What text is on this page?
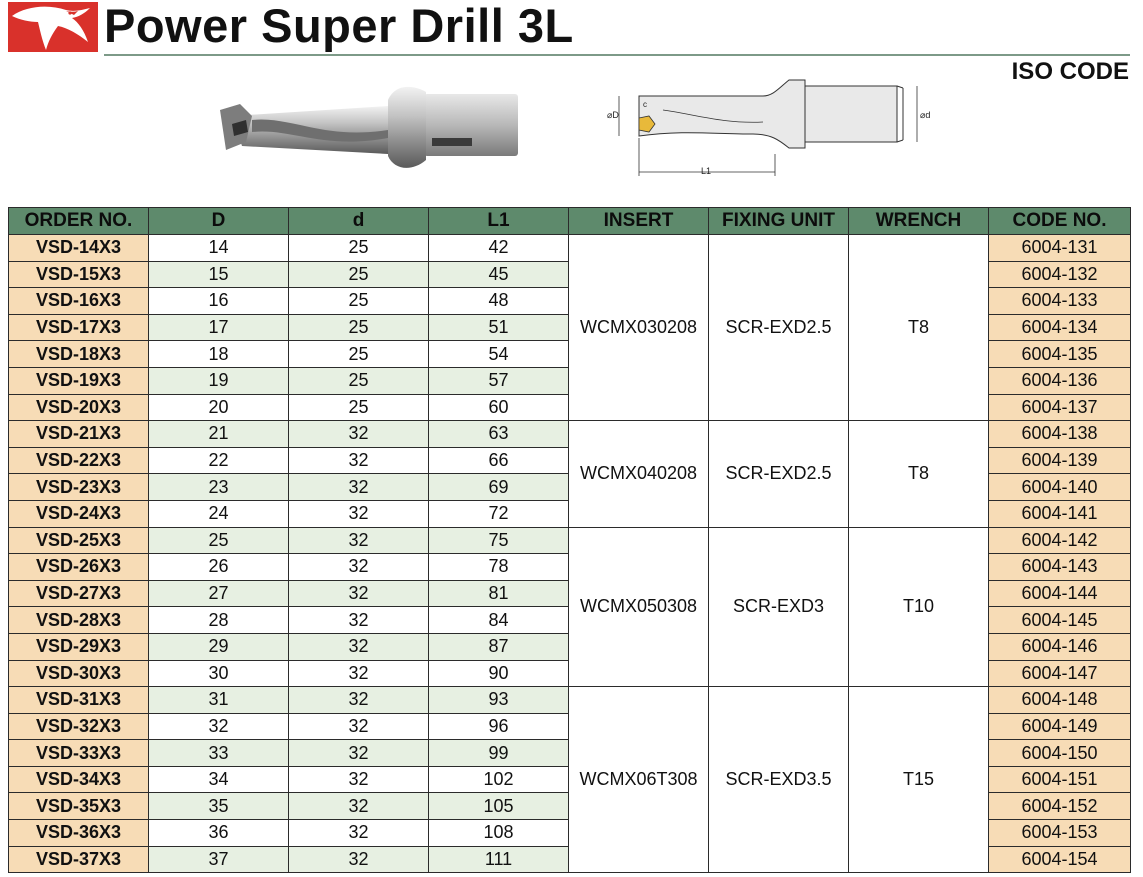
Power Super Drill 3L
ISO CODE
⌀D	⌀d
L1
c
ORDER NO.	D	d	L1	INSERT	FIXING UNIT	WRENCH	CODE NO.
VSD-14X3	14	25	42	WCMX030208	SCR-EXD2.5	T8	6004-131
VSD-15X3	15	25	45				6004-132
VSD-16X3	16	25	48				6004-133
VSD-17X3	17	25	51				6004-134
VSD-18X3	18	25	54				6004-135
VSD-19X3	19	25	57				6004-136
VSD-20X3	20	25	60				6004-137
VSD-21X3	21	32	63	WCMX040208	SCR-EXD2.5	T8	6004-138
VSD-22X3	22	32	66				6004-139
VSD-23X3	23	32	69				6004-140
VSD-24X3	24	32	72				6004-141
VSD-25X3	25	32	75	WCMX050308	SCR-EXD3	T10	6004-142
VSD-26X3	26	32	78				6004-143
VSD-27X3	27	32	81				6004-144
VSD-28X3	28	32	84				6004-145
VSD-29X3	29	32	87				6004-146
VSD-30X3	30	32	90				6004-147
VSD-31X3	31	32	93	WCMX06T308	SCR-EXD3.5	T15	6004-148
VSD-32X3	32	32	96				6004-149
VSD-33X3	33	32	99				6004-150
VSD-34X3	34	32	102				6004-151
VSD-35X3	35	32	105				6004-152
VSD-36X3	36	32	108				6004-153
VSD-37X3	37	32	111				6004-154
